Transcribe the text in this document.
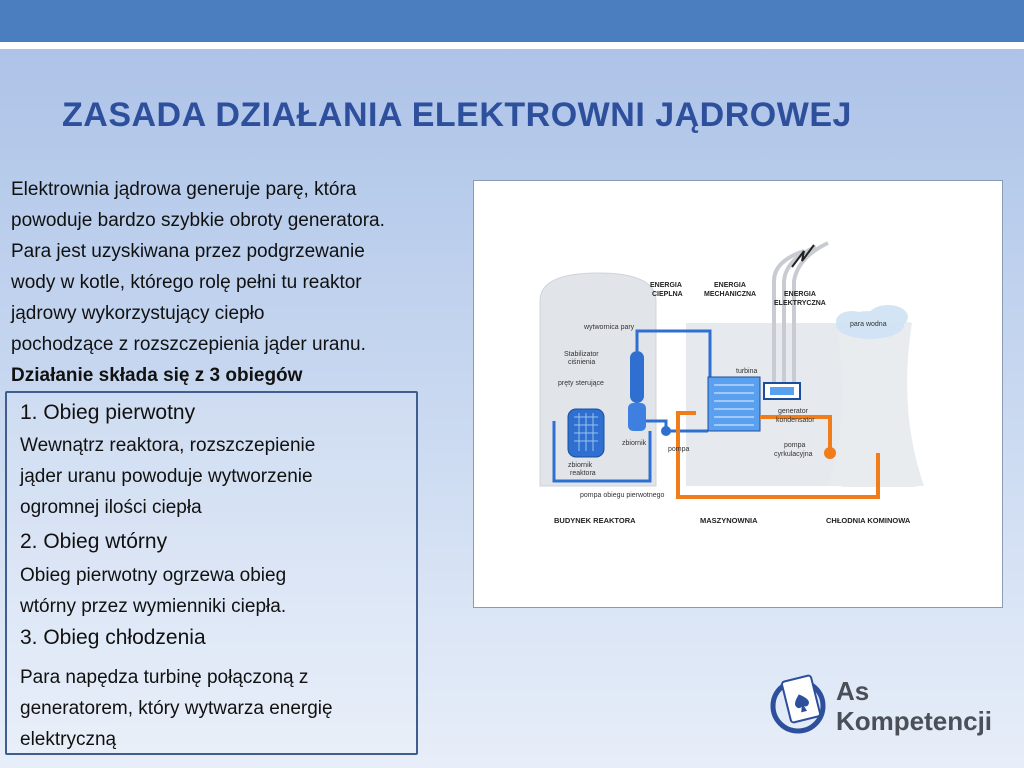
ZASADA DZIAŁANIA ELEKTROWNI JĄDROWEJ

Elektrownia jądrowa generuje parę, która

powoduje bardzo szybkie obroty generatora.

Para jest uzyskiwana przez podgrzewanie

wody w kotle, którego rolę pełni tu reaktor

jądrowy wykorzystujący ciepło

pochodzące z rozszczepienia jąder uranu.

Działanie składa się z 3 obiegów

1. Obieg pierwotny
Wewnątrz reaktora, rozszczepienie
jąder uranu powoduje wytworzenie
ogromnej ilości ciepła
2. Obieg wtórny
Obieg pierwotny ogrzewa obieg
wtórny przez wymienniki ciepła.
3. Obieg chłodzenia
Para napędza turbinę połączoną z
generatorem, który wytwarza energię
elektryczną
ENERGIA
CIEPLNA
ENERGIA
MECHANICZNA	ENERGIA
ELEKTRYCZNA
wytwornica pary
Stabilizator
ciśnienia
pręty sterujące
zbiornik
zbiornik
reaktora
pompa obiegu pierwotnego
pompa
turbina
generator
kondensator
pompa
cyrkulacyjna
para wodna
BUDYNEK REAKTORA	MASZYNOWNIA	CHŁODNIA KOMINOWA
As
Kompetencji
